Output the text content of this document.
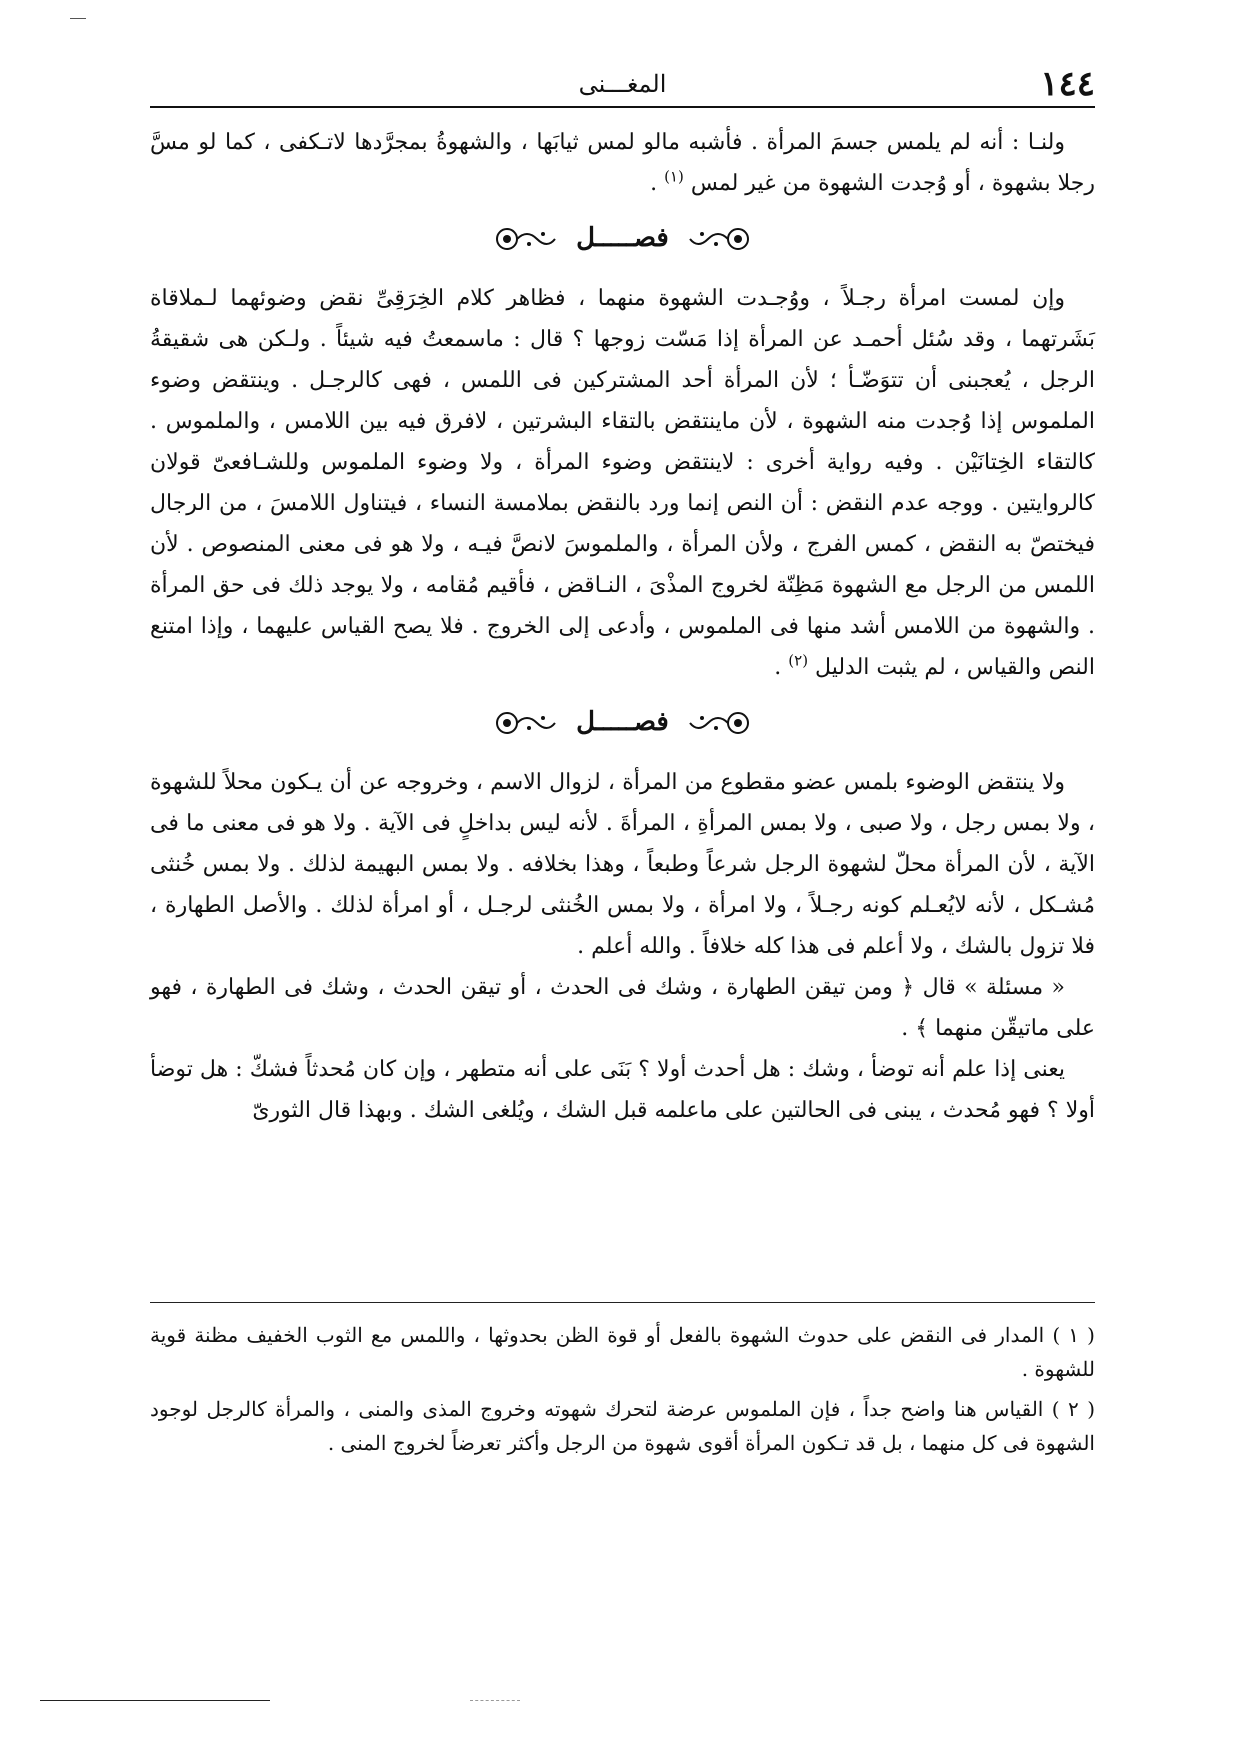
١٤٤
المغـــنى

ولنـا : أنه لم يلمس جسمَ المرأة . فأشبه مالو لمس ثيابَها ، والشهوةُ بمجرَّدها لاتـكفى ، كما لو مسَّ رجلا بشهوة ، أو وُجدت الشهوة من غير لمس $^{(١)}$ .

فصـــــل

وإن لمست امرأة رجـلاً ، ووُجـدت الشهوة منهما ، فظاهر كلام الخِرَقِىِّ نقض وضوئهما لـملاقاة بَشَرتهما ، وقد سُئل أحمـد عن المرأة إذا مَسّت زوجها ؟ قال : ماسمعتُ فيه شيئاً . ولـكن هى شقيقةُ الرجل ، يُعجبنى أن تتوَضّـأ ؛ لأن المرأة أحد المشتركين فى اللمس ، فهى كالرجـل . وينتقض وضوء الملموس إذا وُجدت منه الشهوة ، لأن ماينتقض بالتقاء البشرتين ، لافرق فيه بين اللامس ، والملموس . كالتقاء الخِتانَيْن . وفيه رواية أخرى : لاينتقض وضوء المرأة ، ولا وضوء الملموس وللشـافعىّ قولان كالروايتين . ووجه عدم النقض : أن النص إنما ورد بالنقض بملامسة النساء ، فيتناول اللامسَ ، من الرجال فيختصّ به النقض ، كمس الفرج ، ولأن المرأة ، والملموسَ لانصَّ فيـه ، ولا هو فى معنى المنصوص . لأن اللمس من الرجل مع الشهوة مَظِنّة لخروج المذْىَ ، النـاقض ، فأقيم مُقامه ، ولا يوجد ذلك فى حق المرأة . والشهوة من اللامس أشد منها فى الملموس ، وأدعى إلى الخروج . فلا يصح القياس عليهما ، وإذا امتنع النص والقياس ، لم يثبت الدليل $^{(٢)}$ .

فصـــــل

ولا ينتقض الوضوء بلمس عضو مقطوع من المرأة ، لزوال الاسم ، وخروجه عن أن يـكون محلاً للشهوة ، ولا بمس رجل ، ولا صبى ، ولا بمس المرأةِ ، المرأةَ . لأنه ليس بداخلٍ فى الآية . ولا هو فى معنى ما فى الآية ، لأن المرأة محلّ لشهوة الرجل شرعاً وطبعاً ، وهذا بخلافه . ولا بمس البهيمة لذلك . ولا بمس خُنثى مُشـكل ، لأنه لايُعـلم كونه رجـلاً ، ولا امرأة ، ولا بمس الخُنثى لرجـل ، أو امرأة لذلك . والأصل الطهارة ، فلا تزول بالشك ، ولا أعلم فى هذا كله خلافاً . والله أعلم .

« مسئلة » قال ﴿ ومن تيقن الطهارة ، وشك فى الحدث ، أو تيقن الحدث ، وشك فى الطهارة ، فهو على ماتيقّن منهما ﴾ .

يعنى إذا علم أنه توضأ ، وشك : هل أحدث أولا ؟ بَنَى على أنه متطهر ، وإن كان مُحدثاً فشكّ : هل توضأ أولا ؟ فهو مُحدث ، يبنى فى الحالتين على ماعلمه قبل الشك ، ويُلغى الشك . وبهذا قال الثورىّ

( ١ ) المدار فى النقض على حدوث الشهوة بالفعل أو قوة الظن بحدوثها ، واللمس مع الثوب الخفيف مظنة قوية للشهوة .

( ٢ ) القياس هنا واضح جداً ، فإن الملموس عرضة لتحرك شهوته وخروج المذى والمنى ، والمرأة كالرجل لوجود الشهوة فى كل منهما ، بل قد تـكون المرأة أقوى شهوة من الرجل وأكثر تعرضاً لخروج المنى .
